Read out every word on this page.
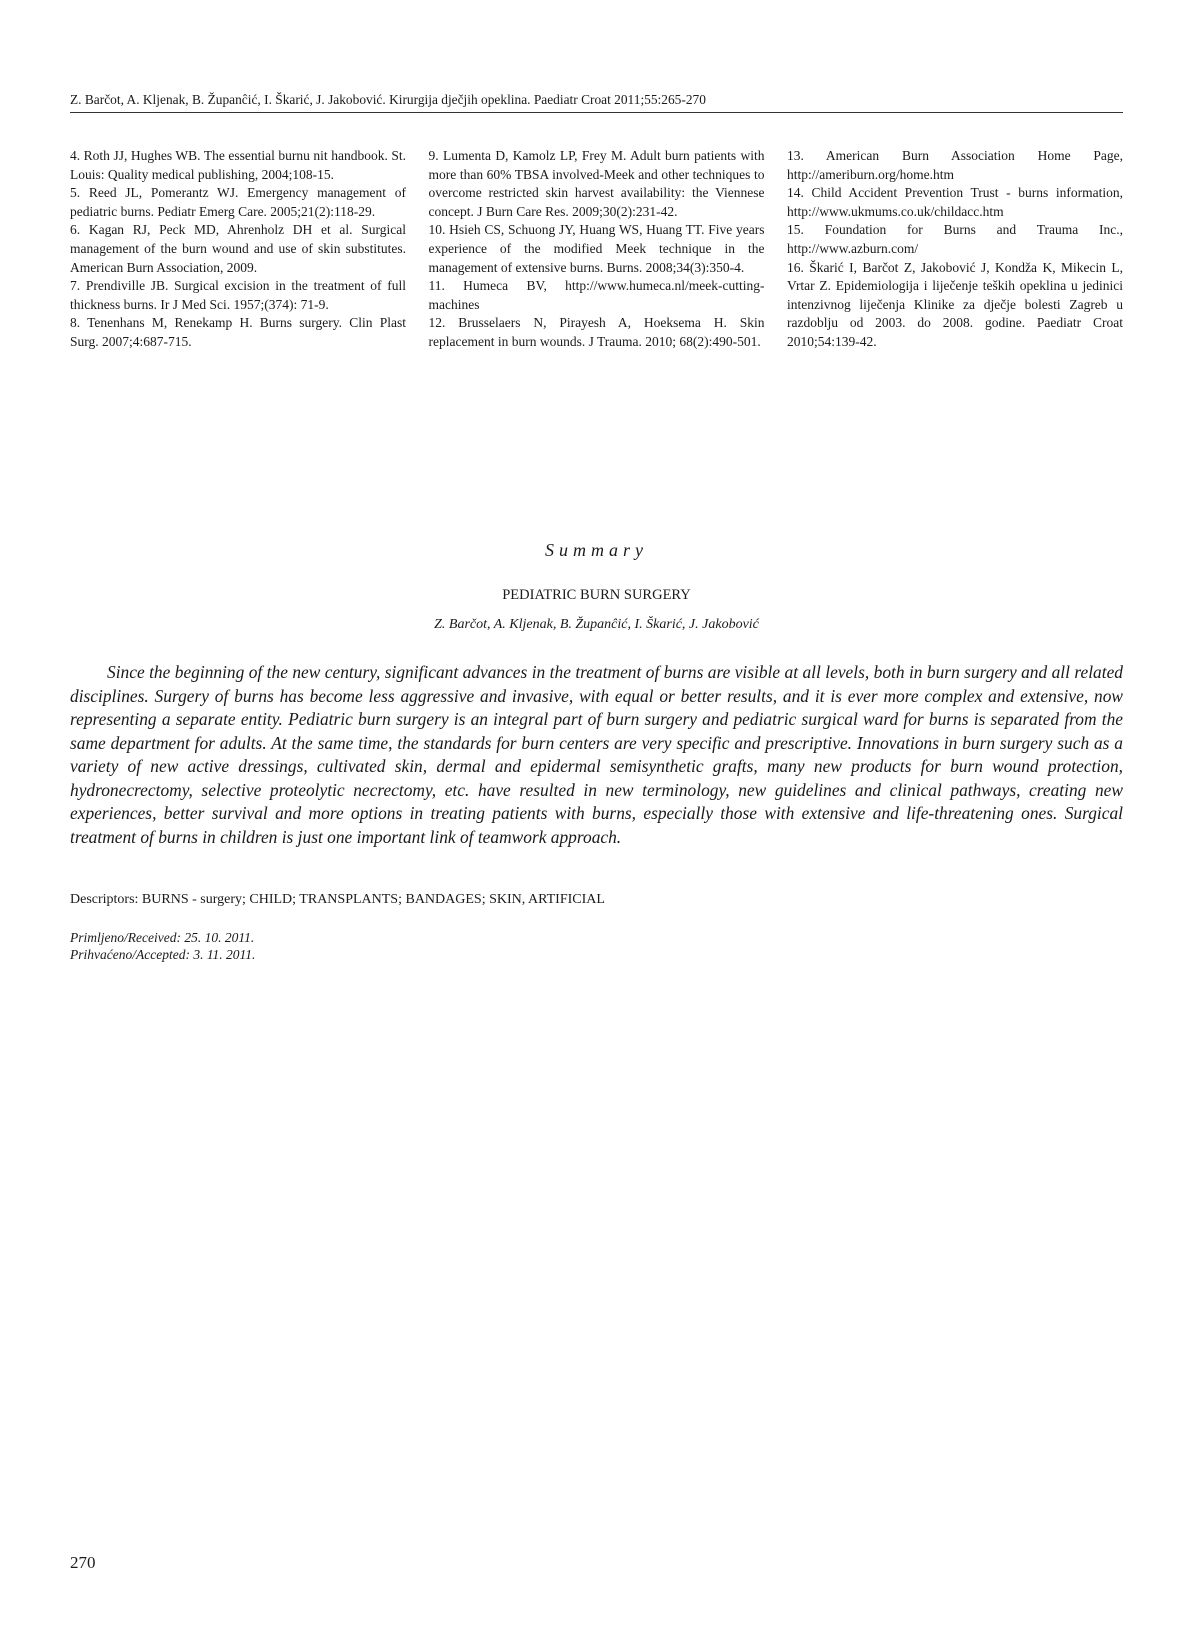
Z. Barčot, A. Kljenak, B. Županĉić, I. Škarić, J. Jakobović. Kirurgija dječjih opeklina. Paediatr Croat 2011;55:265-270
4. Roth JJ, Hughes WB. The essential burnu nit handbook. St. Louis: Quality medical publishing, 2004;108-15.
5. Reed JL, Pomerantz WJ. Emergency management of pediatric burns. Pediatr Emerg Care. 2005;21(2):118-29.
6. Kagan RJ, Peck MD, Ahrenholz DH et al. Surgical management of the burn wound and use of skin substitutes. American Burn Association, 2009.
7. Prendiville JB. Surgical excision in the treatment of full thickness burns. Ir J Med Sci. 1957;(374): 71-9.
8. Tenenhans M, Renekamp H. Burns surgery. Clin Plast Surg. 2007;4:687-715.
9. Lumenta D, Kamolz LP, Frey M. Adult burn patients with more than 60% TBSA involved-Meek and other techniques to overcome restricted skin harvest availability: the Viennese concept. J Burn Care Res. 2009;30(2):231-42.
10. Hsieh CS, Schuong JY, Huang WS, Huang TT. Five years experience of the modified Meek technique in the management of extensive burns. Burns. 2008;34(3):350-4.
11. Humeca BV, http://www.humeca.nl/meek-cutting-machines
12. Brusselaers N, Pirayesh A, Hoeksema H. Skin replacement in burn wounds. J Trauma. 2010; 68(2):490-501.
13. American Burn Association Home Page, http://ameriburn.org/home.htm
14. Child Accident Prevention Trust - burns information, http://www.ukmums.co.uk/childacc.htm
15. Foundation for Burns and Trauma Inc., http://www.azburn.com/
16. Škarić I, Barčot Z, Jakobović J, Kondža K, Mikecin L, Vrtar Z. Epidemiologija i liječenje teških opeklina u jedinici intenzivnog liječenja Klinike za dječje bolesti Zagreb u razdoblju od 2003. do 2008. godine. Paediatr Croat 2010;54:139-42.
Summary
PEDIATRIC BURN SURGERY
Z. Barčot, A. Kljenak, B. Županĉić, I. Škarić, J. Jakobović

Since the beginning of the new century, significant advances in the treatment of burns are visible at all levels, both in burn surgery and all related disciplines. Surgery of burns has become less aggressive and invasive, with equal or better results, and it is ever more complex and extensive, now representing a separate entity. Pediatric burn surgery is an integral part of burn surgery and pediatric surgical ward for burns is separated from the same department for adults. At the same time, the standards for burn centers are very specific and prescriptive. Innovations in burn surgery such as a variety of new active dressings, cultivated skin, dermal and epidermal semisynthetic grafts, many new products for burn wound protection, hydronecrectomy, selective proteolytic necrectomy, etc. have resulted in new terminology, new guidelines and clinical pathways, creating new experiences, better survival and more options in treating patients with burns, especially those with extensive and life-threatening ones. Surgical treatment of burns in children is just one important link of teamwork approach.

Descriptors: BURNS - surgery; CHILD; TRANSPLANTS; BANDAGES; SKIN, ARTIFICIAL
Primljeno/Received: 25. 10. 2011.
Prihvaćeno/Accepted: 3. 11. 2011.
270
